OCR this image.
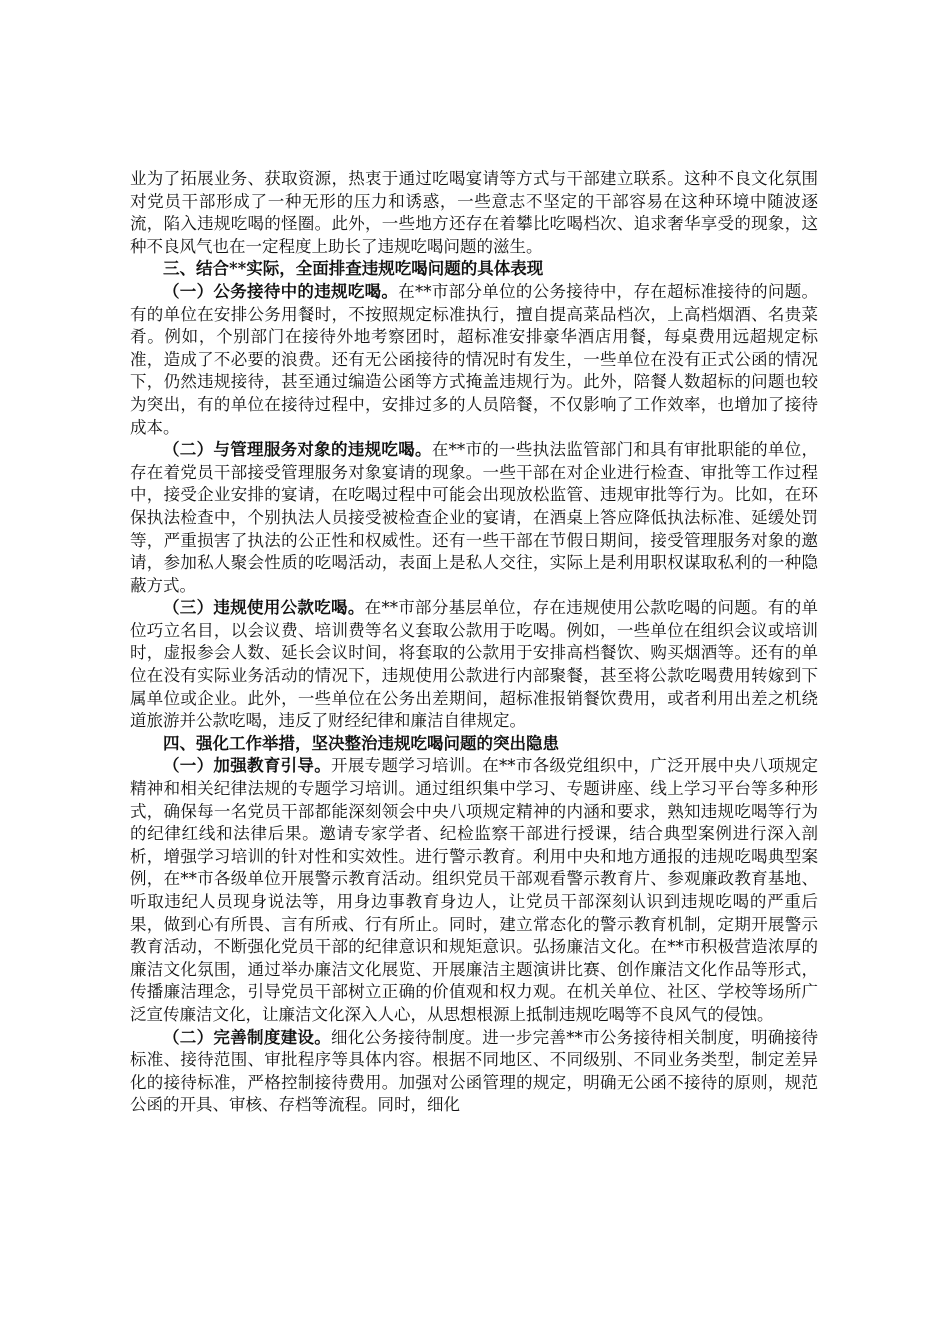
业为了拓展业务、获取资源，热衷于通过吃喝宴请等方式与干部建立联系。这种不良文化氛围对党员干部形成了一种无形的压力和诱惑，一些意志不坚定的干部容易在这种环境中随波逐流，陷入违规吃喝的怪圈。此外，一些地方还存在着攀比吃喝档次、追求奢华享受的现象，这种不良风气也在一定程度上助长了违规吃喝问题的滋生。

三、结合**实际，全面排查违规吃喝问题的具体表现

（一）公务接待中的违规吃喝。在**市部分单位的公务接待中，存在超标准接待的问题。有的单位在安排公务用餐时，不按照规定标准执行，擅自提高菜品档次，上高档烟酒、名贵菜肴。例如，个别部门在接待外地考察团时，超标准安排豪华酒店用餐，每桌费用远超规定标准，造成了不必要的浪费。还有无公函接待的情况时有发生，一些单位在没有正式公函的情况下，仍然违规接待，甚至通过编造公函等方式掩盖违规行为。此外，陪餐人数超标的问题也较为突出，有的单位在接待过程中，安排过多的人员陪餐，不仅影响了工作效率，也增加了接待成本。

（二）与管理服务对象的违规吃喝。在**市的一些执法监管部门和具有审批职能的单位，存在着党员干部接受管理服务对象宴请的现象。一些干部在对企业进行检查、审批等工作过程中，接受企业安排的宴请，在吃喝过程中可能会出现放松监管、违规审批等行为。比如，在环保执法检查中，个别执法人员接受被检查企业的宴请，在酒桌上答应降低执法标准、延缓处罚等，严重损害了执法的公正性和权威性。还有一些干部在节假日期间，接受管理服务对象的邀请，参加私人聚会性质的吃喝活动，表面上是私人交往，实际上是利用职权谋取私利的一种隐蔽方式。

（三）违规使用公款吃喝。在**市部分基层单位，存在违规使用公款吃喝的问题。有的单位巧立名目，以会议费、培训费等名义套取公款用于吃喝。例如，一些单位在组织会议或培训时，虚报参会人数、延长会议时间，将套取的公款用于安排高档餐饮、购买烟酒等。还有的单位在没有实际业务活动的情况下，违规使用公款进行内部聚餐，甚至将公款吃喝费用转嫁到下属单位或企业。此外，一些单位在公务出差期间，超标准报销餐饮费用，或者利用出差之机绕道旅游并公款吃喝，违反了财经纪律和廉洁自律规定。

四、强化工作举措，坚决整治违规吃喝问题的突出隐患

（一）加强教育引导。开展专题学习培训。在**市各级党组织中，广泛开展中央八项规定精神和相关纪律法规的专题学习培训。通过组织集中学习、专题讲座、线上学习平台等多种形式，确保每一名党员干部都能深刻领会中央八项规定精神的内涵和要求，熟知违规吃喝等行为的纪律红线和法律后果。邀请专家学者、纪检监察干部进行授课，结合典型案例进行深入剖析，增强学习培训的针对性和实效性。进行警示教育。利用中央和地方通报的违规吃喝典型案例，在**市各级单位开展警示教育活动。组织党员干部观看警示教育片、参观廉政教育基地、听取违纪人员现身说法等，用身边事教育身边人，让党员干部深刻认识到违规吃喝的严重后果，做到心有所畏、言有所戒、行有所止。同时，建立常态化的警示教育机制，定期开展警示教育活动，不断强化党员干部的纪律意识和规矩意识。弘扬廉洁文化。在**市积极营造浓厚的廉洁文化氛围，通过举办廉洁文化展览、开展廉洁主题演讲比赛、创作廉洁文化作品等形式，传播廉洁理念，引导党员干部树立正确的价值观和权力观。在机关单位、社区、学校等场所广泛宣传廉洁文化，让廉洁文化深入人心，从思想根源上抵制违规吃喝等不良风气的侵蚀。

（二）完善制度建设。细化公务接待制度。进一步完善**市公务接待相关制度，明确接待标准、接待范围、审批程序等具体内容。根据不同地区、不同级别、不同业务类型，制定差异化的接待标准，严格控制接待费用。加强对公函管理的规定，明确无公函不接待的原则，规范公函的开具、审核、存档等流程。同时，细化
